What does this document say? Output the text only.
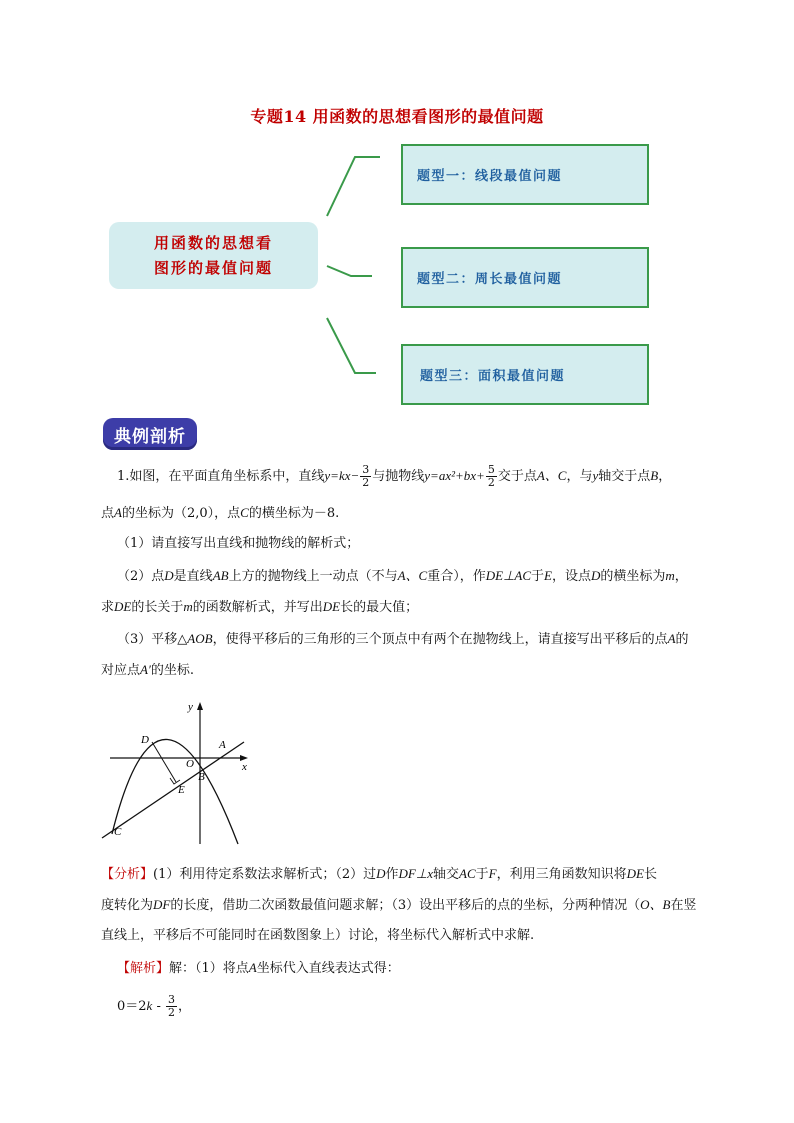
专题14 用函数的思想看图形的最值问题
用函数的思想看
图形的最值问题
题型一：线段最值问题
题型二：周长最值问题
题型三：面积最值问题
典例剖析
1.如图，在平面直角坐标系中，直线$y=kx- \frac{3}{2}$ 与抛物线$y=ax^2+bx+ \frac{5}{2}$ 交于点A、C，与y轴交于点B，
点A的坐标为（2,0），点C的横坐标为－8.
（1）请直接写出直线和抛物线的解析式；
（2）点D是直线AB上方的抛物线上一动点（不与A、C重合），作DE⊥AC于E，设点D的横坐标为m，
求DE的长关于m的函数解析式，并写出DE长的最大值；
（3）平移△AOB，使得平移后的三角形的三个顶点中有两个在抛物线上，请直接写出平移后的点A的
对应点A′的坐标.
y
x
D	A
O
B
E
C
【分析】(1）利用待定系数法求解析式；（2）过D作DF⊥x轴交AC于F，利用三角函数知识将DE长
度转化为DF的长度，借助二次函数最值问题求解；（3）设出平移后的点的坐标，分两种情况（O、B在竖
直线上，平移后不可能同时在函数图象上）讨论，将坐标代入解析式中求解.
【解析】解：（1）将点A坐标代入直线表达式得：
$0=2k - \frac{3}{2}$ ，
